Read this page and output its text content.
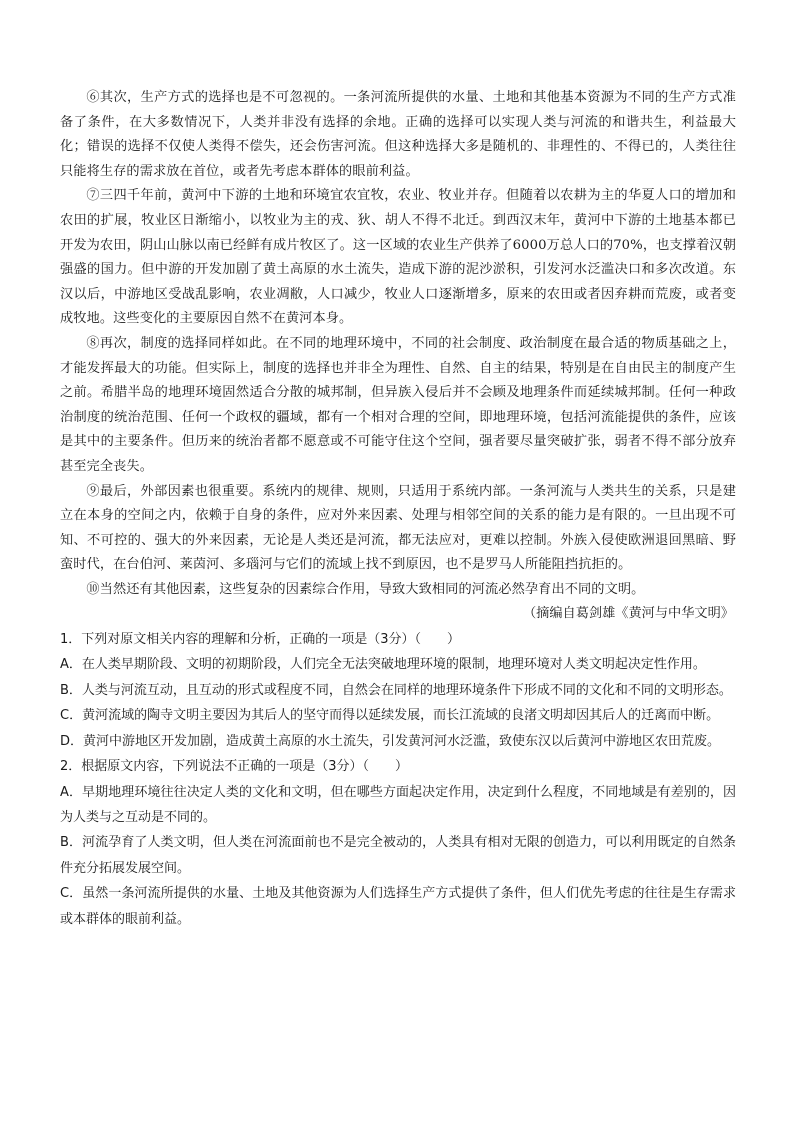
⑥其次，生产方式的选择也是不可忽视的。一条河流所提供的水量、土地和其他基本资源为不同的生产方式准备了条件，在大多数情况下，人类并非没有选择的余地。正确的选择可以实现人类与河流的和谐共生，利益最大化；错误的选择不仅使人类得不偿失，还会伤害河流。但这种选择大多是随机的、非理性的、不得已的，人类往往只能将生存的需求放在首位，或者先考虑本群体的眼前利益。

⑦三四千年前，黄河中下游的土地和环境宜农宜牧，农业、牧业并存。但随着以农耕为主的华夏人口的增加和农田的扩展，牧业区日渐缩小，以牧业为主的戎、狄、胡人不得不北迁。到西汉末年，黄河中下游的土地基本都已开发为农田，阴山山脉以南已经鲜有成片牧区了。这一区域的农业生产供养了6000万总人口的70%，也支撑着汉朝强盛的国力。但中游的开发加剧了黄土高原的水土流失，造成下游的泥沙淤积，引发河水泛滥决口和多次改道。东汉以后，中游地区受战乱影响，农业凋敝，人口减少，牧业人口逐渐增多，原来的农田或者因弃耕而荒废，或者变成牧地。这些变化的主要原因自然不在黄河本身。

⑧再次，制度的选择同样如此。在不同的地理环境中，不同的社会制度、政治制度在最合适的物质基础之上，才能发挥最大的功能。但实际上，制度的选择也并非全为理性、自然、自主的结果，特别是在自由民主的制度产生之前。希腊半岛的地理环境固然适合分散的城邦制，但异族入侵后并不会顾及地理条件而延续城邦制。任何一种政治制度的统治范围、任何一个政权的疆域，都有一个相对合理的空间，即地理环境，包括河流能提供的条件，应该是其中的主要条件。但历来的统治者都不愿意或不可能守住这个空间，强者要尽量突破扩张，弱者不得不部分放弃甚至完全丧失。

⑨最后，外部因素也很重要。系统内的规律、规则，只适用于系统内部。一条河流与人类共生的关系，只是建立在本身的空间之内，依赖于自身的条件，应对外来因素、处理与相邻空间的关系的能力是有限的。一旦出现不可知、不可控的、强大的外来因素，无论是人类还是河流，都无法应对，更难以控制。外族入侵使欧洲退回黑暗、野蛮时代，在台伯河、莱茵河、多瑙河与它们的流域上找不到原因，也不是罗马人所能阻挡抗拒的。

⑩当然还有其他因素，这些复杂的因素综合作用，导致大致相同的河流必然孕育出不同的文明。

（摘编自葛剑雄《黄河与中华文明》

1．下列对原文相关内容的理解和分析，正确的一项是（3分）（　　）

A．在人类早期阶段、文明的初期阶段，人们完全无法突破地理环境的限制，地理环境对人类文明起决定性作用。

B．人类与河流互动，且互动的形式或程度不同，自然会在同样的地理环境条件下形成不同的文化和不同的文明形态。

C．黄河流域的陶寺文明主要因为其后人的坚守而得以延续发展，而长江流域的良渚文明却因其后人的迁离而中断。

D．黄河中游地区开发加剧，造成黄土高原的水土流失，引发黄河河水泛滥，致使东汉以后黄河中游地区农田荒废。

2．根据原文内容，下列说法不正确的一项是（3分）（　　）

A．早期地理环境往往决定人类的文化和文明，但在哪些方面起决定作用，决定到什么程度，不同地域是有差别的，因为人类与之互动是不同的。

B．河流孕育了人类文明，但人类在河流面前也不是完全被动的，人类具有相对无限的创造力，可以利用既定的自然条件充分拓展发展空间。

C．虽然一条河流所提供的水量、土地及其他资源为人们选择生产方式提供了条件，但人们优先考虑的往往是生存需求或本群体的眼前利益。
